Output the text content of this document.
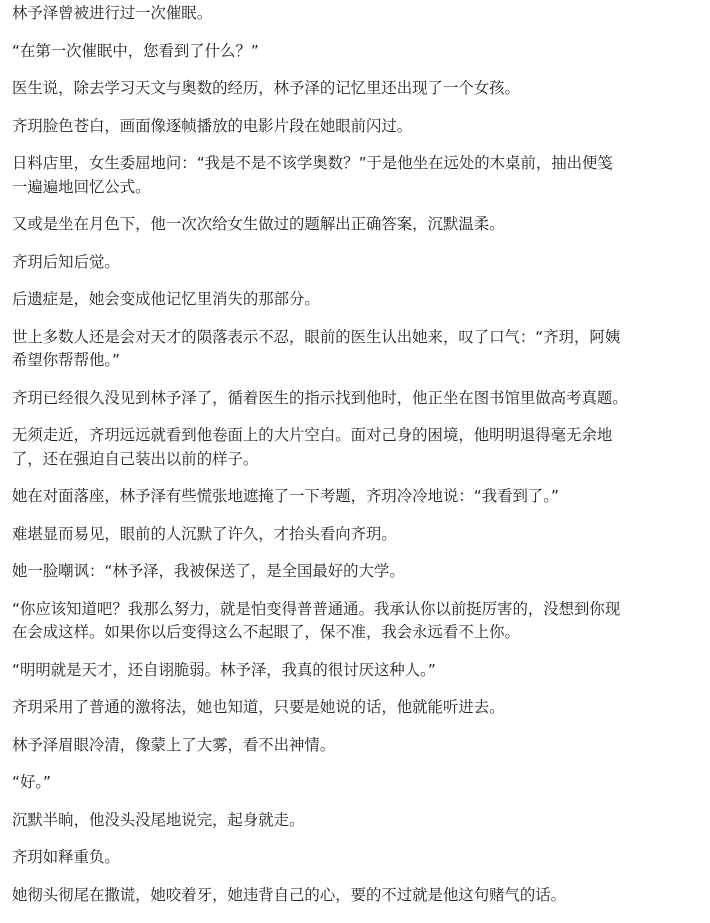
林予泽曾被进行过一次催眠。

“在第一次催眠中，您看到了什么？”

医生说，除去学习天文与奥数的经历，林予泽的记忆里还出现了一个女孩。

齐玥脸色苍白，画面像逐帧播放的电影片段在她眼前闪过。

日料店里，女生委屈地问：“我是不是不该学奥数？”于是他坐在远处的木桌前，抽出便笺
一遍遍地回忆公式。

又或是坐在月色下，他一次次给女生做过的题解出正确答案，沉默温柔。

齐玥后知后觉。

后遗症是，她会变成他记忆里消失的那部分。

世上多数人还是会对天才的陨落表示不忍，眼前的医生认出她来，叹了口气：“齐玥，阿姨
希望你帮帮他。”

齐玥已经很久没见到林予泽了，循着医生的指示找到他时，他正坐在图书馆里做高考真题。

无须走近，齐玥远远就看到他卷面上的大片空白。面对己身的困境，他明明退得毫无余地
了，还在强迫自己装出以前的样子。

她在对面落座，林予泽有些慌张地遮掩了一下考题，齐玥冷冷地说：“我看到了。”

难堪显而易见，眼前的人沉默了许久，才抬头看向齐玥。

她一脸嘲讽：“林予泽，我被保送了，是全国最好的大学。

“你应该知道吧？我那么努力，就是怕变得普普通通。我承认你以前挺厉害的，没想到你现
在会成这样。如果你以后变得这么不起眼了，保不准，我会永远看不上你。

“明明就是天才，还自诩脆弱。林予泽，我真的很讨厌这种人。”

齐玥采用了普通的激将法，她也知道，只要是她说的话，他就能听进去。

林予泽眉眼冷清，像蒙上了大雾，看不出神情。

“好。”

沉默半晌，他没头没尾地说完，起身就走。

齐玥如释重负。

她彻头彻尾在撒谎，她咬着牙，她违背自己的心，要的不过就是他这句赌气的话。
